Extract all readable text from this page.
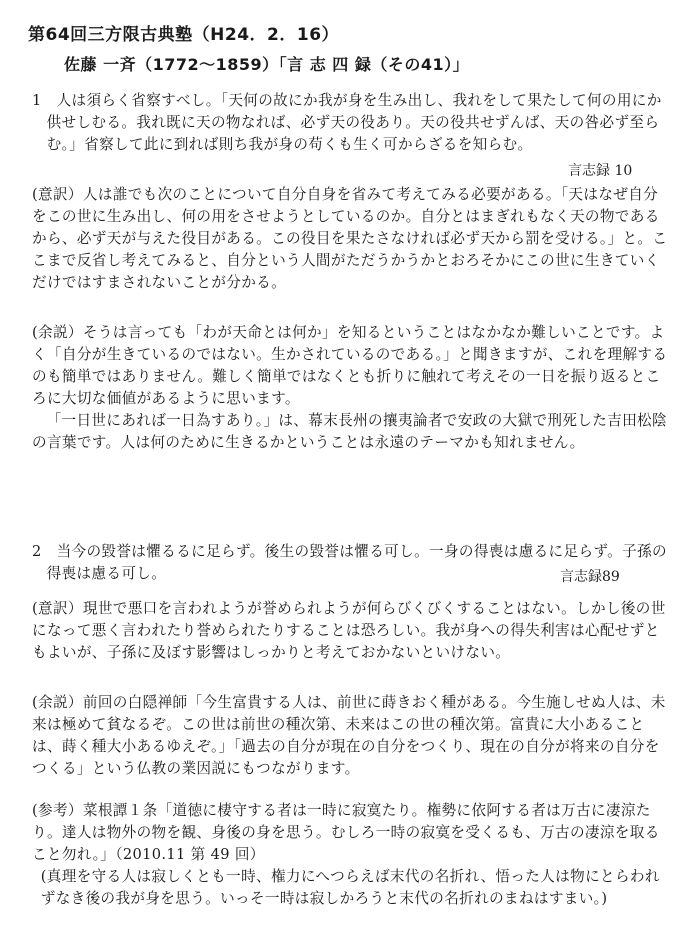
第64回三方限古典塾（H24．2．16）
佐藤 一斉（1772〜1859）「言 志 四 録（その41）」

1　人は須らく省察すべし。「天何の故にか我が身を生み出し、我れをして果たして何の用にか供せしむる。我れ既に天の物なれば、必ず天の役あり。天の役共せずんば、天の咎必ず至らむ。」省察して此に到れば則ち我が身の苟くも生く可からざるを知らむ。

言志録 10

(意訳）人は誰でも次のことについて自分自身を省みて考えてみる必要がある。「天はなぜ自分をこの世に生み出し、何の用をさせようとしているのか。自分とはまぎれもなく天の物であるから、必ず天が与えた役目がある。この役目を果たさなければ必ず天から罰を受ける。」と。ここまで反省し考えてみると、自分という人間がただうかうかとおろそかにこの世に生きていくだけではすまされないことが分かる。

(余説）そうは言っても「わが天命とは何か」を知るということはなかなか難しいことです。よく「自分が生きているのではない。生かされているのである。」と聞きますが、これを理解するのも簡単ではありません。難しく簡単ではなくとも折りに触れて考えその一日を振り返るところに大切な価値があるように思います。

「一日世にあれば一日為すあり。」は、幕末長州の攘夷論者で安政の大獄で刑死した吉田松陰の言葉です。人は何のために生きるかということは永遠のテーマかも知れません。

2　当今の毀誉は懼るるに足らず。後生の毀誉は懼る可し。一身の得喪は慮るに足らず。子孫の得喪は慮る可し。	言志録89

(意訳）現世で悪口を言われようが誉められようが何らびくびくすることはない。しかし後の世になって悪く言われたり誉められたりすることは恐ろしい。我が身への得失利害は心配せずともよいが、子孫に及ぼす影響はしっかりと考えておかないといけない。

(余説）前回の白隠禅師「今生富貴する人は、前世に蒔きおく種がある。今生施しせぬ人は、未来は極めて貧なるぞ。この世は前世の種次第、未来はこの世の種次第。富貴に大小あることは、蒔く種大小あるゆえぞ。」「過去の自分が現在の自分をつくり、現在の自分が将来の自分をつくる」という仏教の業因説にもつながります。

(参考）菜根譚１条「道徳に棲守する者は一時に寂寞たり。権勢に依阿する者は万古に凄涼たり。達人は物外の物を観、身後の身を思う。むしろ一時の寂寞を受くるも、万古の凄涼を取ること勿れ。」（2010.11 第 49 回）

(真理を守る人は寂しくとも一時、権力にへつらえば末代の名折れ、悟った人は物にとらわれずなき後の我が身を思う。いっそ一時は寂しかろうと末代の名折れのまねはすまい。)
